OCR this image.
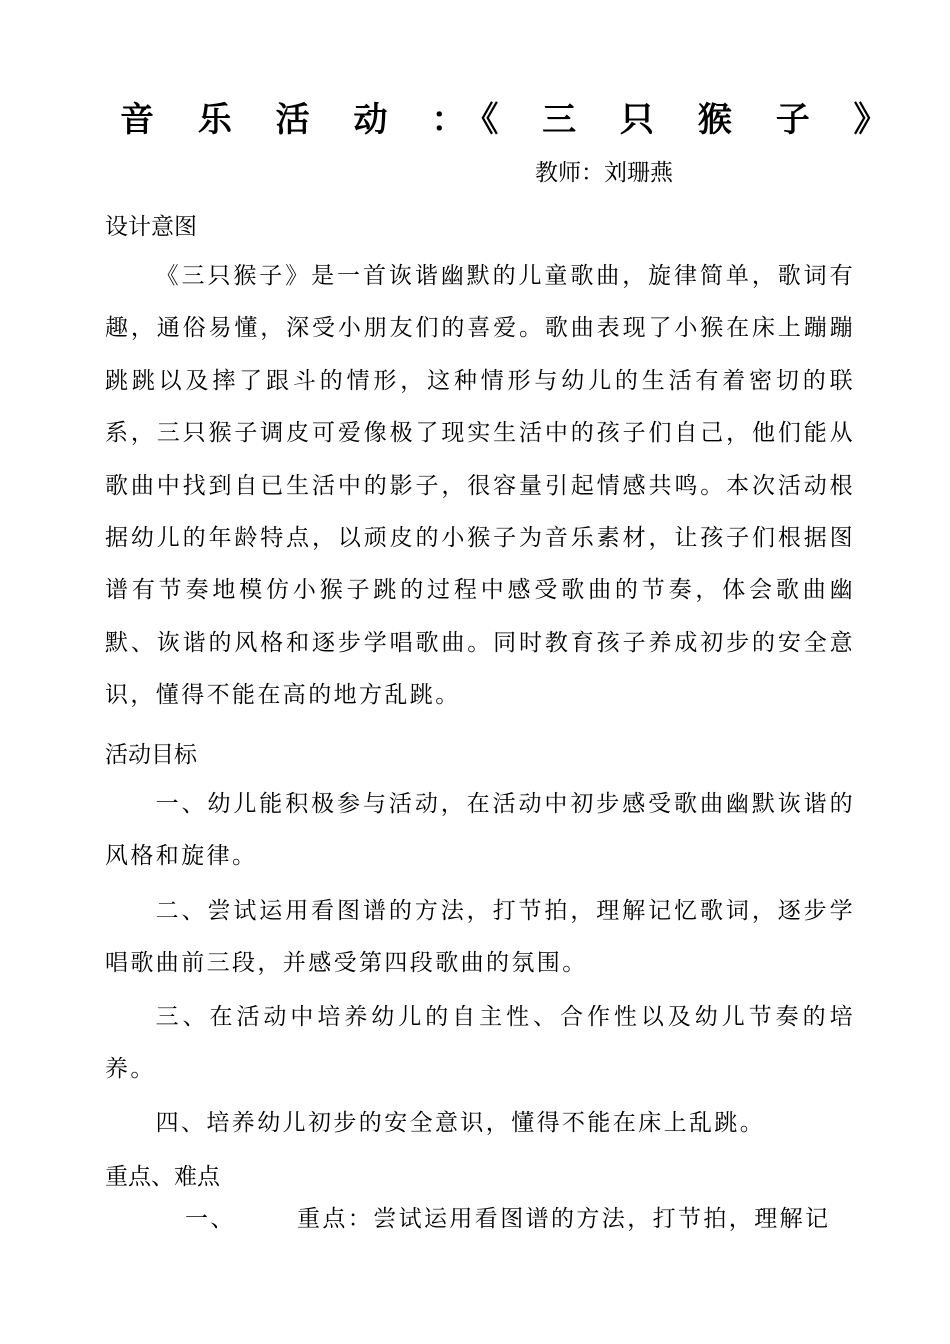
音 乐 活 动 ：《 三 只 猴 子 》
教师：刘珊燕
设计意图
《三只猴子》是一首诙谐幽默的儿童歌曲，旋律简单，歌词有趣，通俗易懂，深受小朋友们的喜爱。歌曲表现了小猴在床上蹦蹦跳跳以及摔了跟斗的情形，这种情形与幼儿的生活有着密切的联系，三只猴子调皮可爱像极了现实生活中的孩子们自己，他们能从歌曲中找到自已生活中的影子，很容量引起情感共鸣。本次活动根据幼儿的年龄特点，以顽皮的小猴子为音乐素材，让孩子们根据图谱有节奏地模仿小猴子跳的过程中感受歌曲的节奏，体会歌曲幽默、诙谐的风格和逐步学唱歌曲。同时教育孩子养成初步的安全意识，懂得不能在高的地方乱跳。
活动目标
一、幼儿能积极参与活动，在活动中初步感受歌曲幽默诙谐的风格和旋律。
二、尝试运用看图谱的方法，打节拍，理解记忆歌词，逐步学唱歌曲前三段，并感受第四段歌曲的氛围。
三、在活动中培养幼儿的自主性、合作性以及幼儿节奏的培养。
四、培养幼儿初步的安全意识，懂得不能在床上乱跳。
重点、难点
一、	重点：尝试运用看图谱的方法，打节拍，理解记
